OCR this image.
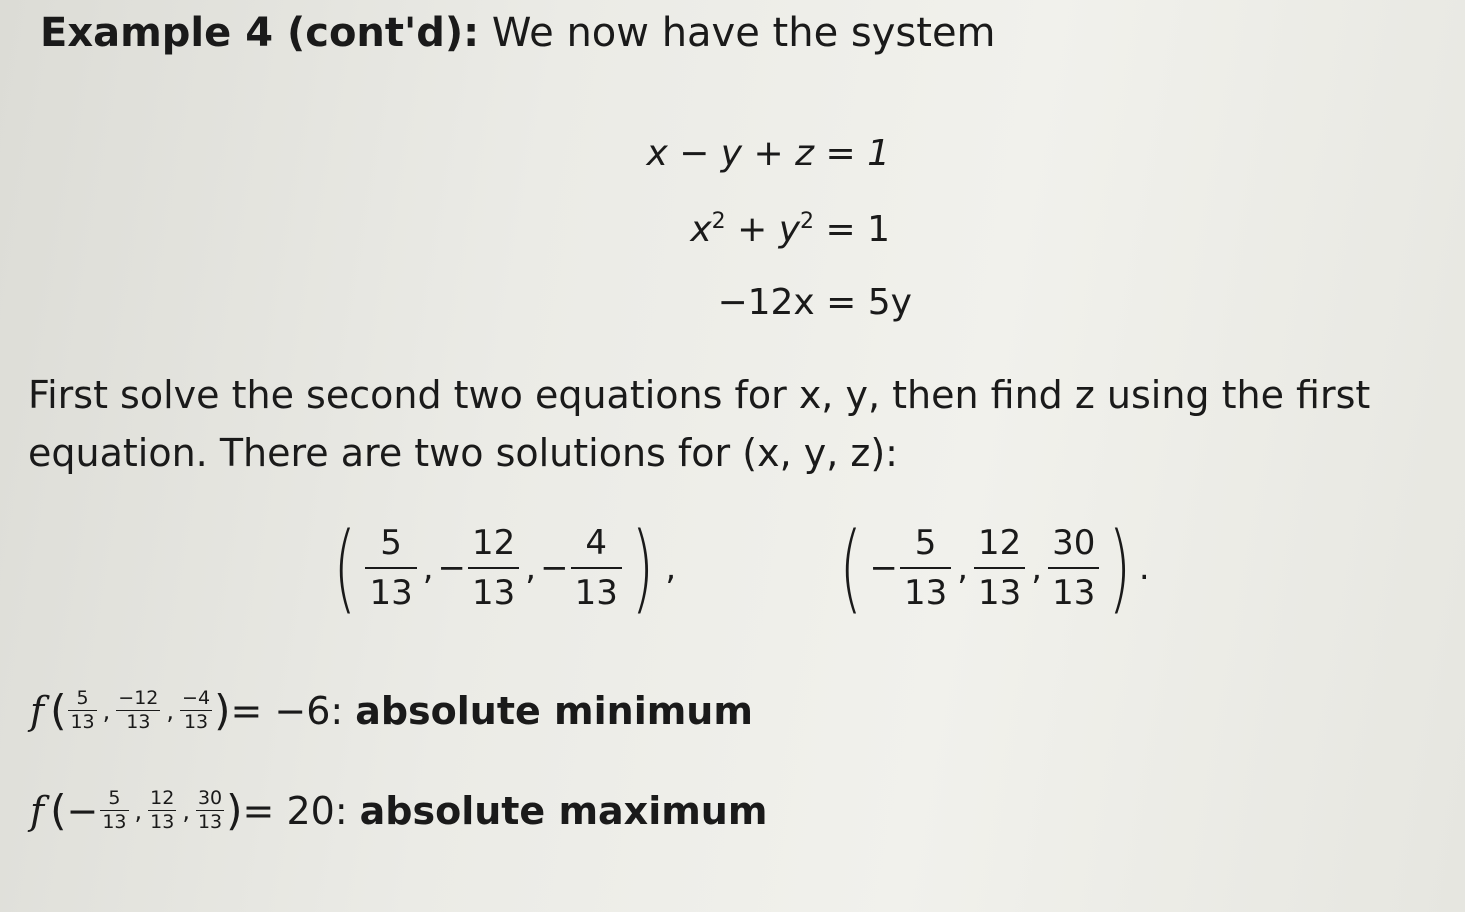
Example 4 (cont'd): We now have the system
x − y + z = 1
$x^2 + y^2 = 1$
−12x = 5y
First solve the second two equations for x, y, then find z using the first equation. There are two solutions for (x, y, z):
( $\frac{5}{13}$ , − $\frac{12}{13}$ , − $\frac{4}{13}$ ) , ( − $\frac{5}{13}$ , $\frac{12}{13}$ , $\frac{30}{13}$ ) .
f ( $\frac{5}{13}$ , $\frac{-12}{13}$ , $\frac{-4}{13}$ ) = −6: absolute minimum
f ( − $\frac{5}{13}$ , $\frac{12}{13}$ , $\frac{30}{13}$ ) = 20: absolute maximum
